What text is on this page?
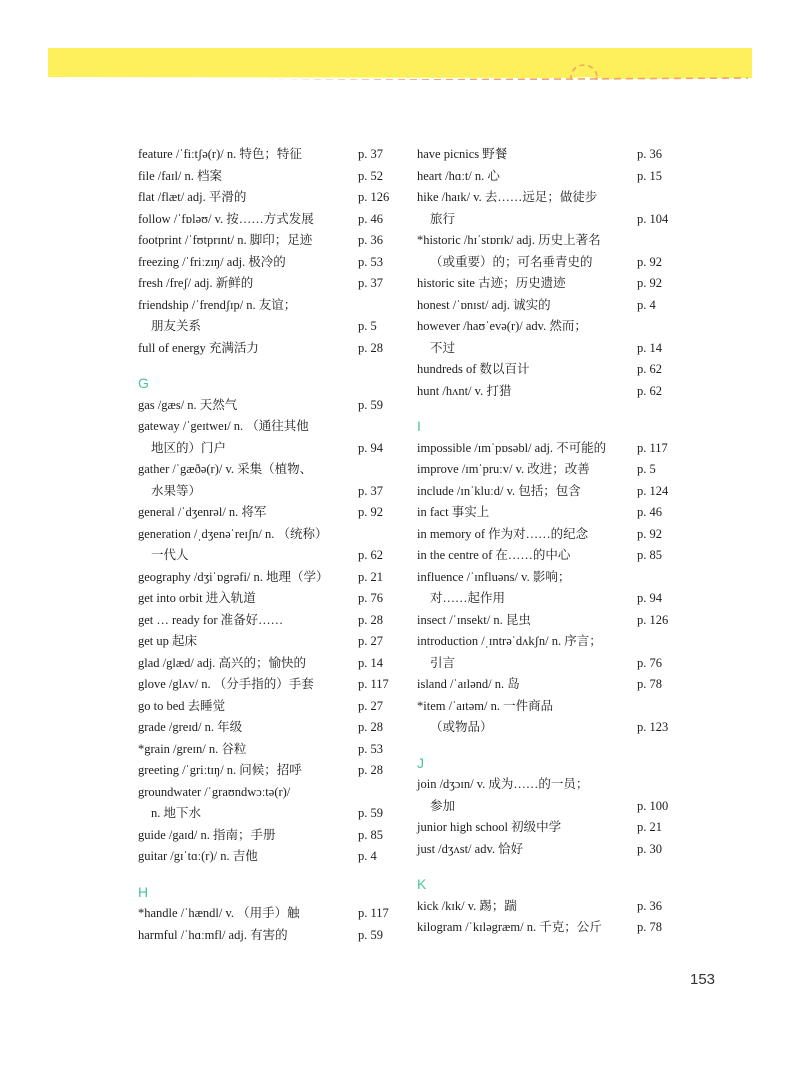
feature /ˈfiːtʃə(r)/ n. 特色；特征	p. 37
file /faɪl/ n. 档案	p. 52
flat /flæt/ adj. 平滑的	p. 126
follow /ˈfɒləʊ/ v. 按……方式发展	p. 46
footprint /ˈfʊtprɪnt/ n. 脚印；足迹	p. 36
freezing /ˈfriːzɪŋ/ adj. 极冷的	p. 53
fresh /freʃ/ adj. 新鲜的	p. 37
friendship /ˈfrendʃɪp/ n. 友谊；
朋友关系	p. 5
full of energy 充满活力	p. 28
G
gas /gæs/ n. 天然气	p. 59
gateway /ˈgeɪtweɪ/ n. （通往其他
地区的）门户	p. 94
gather /ˈgæðə(r)/ v. 采集（植物、
水果等）	p. 37
general /ˈdʒenrəl/ n. 将军	p. 92
generation /ˌdʒenəˈreɪʃn/ n. （统称）
一代人	p. 62
geography /dʒiˈɒgrəfi/ n. 地理（学） p. 21
get into orbit 进入轨道	p. 76
get … ready for 准备好……	p. 28
get up 起床	p. 27
glad /glæd/ adj. 高兴的；愉快的	p. 14
glove /glʌv/ n. （分手指的）手套	p. 117
go to bed 去睡觉	p. 27
grade /greɪd/ n. 年级	p. 28
*grain /greɪn/ n. 谷粒	p. 53
greeting /ˈgriːtɪŋ/ n. 问候；招呼	p. 28
groundwater /ˈgraʊndwɔːtə(r)/
n. 地下水	p. 59
guide /gaɪd/ n. 指南；手册	p. 85
guitar /gɪˈtɑː(r)/ n. 吉他	p. 4
H
*handle /ˈhændl/ v. （用手）触	p. 117
harmful /ˈhɑːmfl/ adj. 有害的	p. 59
have picnics 野餐	p. 36
heart /hɑːt/ n. 心	p. 15
hike /haɪk/ v. 去……远足；做徒步
旅行	p. 104
*historic /hɪˈstɒrɪk/ adj. 历史上著名
（或重要）的；可名垂青史的	p. 92
historic site 古迹；历史遗迹	p. 92
honest /ˈɒnɪst/ adj. 诚实的	p. 4
however /haʊˈevə(r)/ adv. 然而；
不过	p. 14
hundreds of 数以百计	p. 62
hunt /hʌnt/ v. 打猎	p. 62
I
impossible /ɪmˈpɒsəbl/ adj. 不可能的 p. 117
improve /ɪmˈpruːv/ v. 改进；改善	p. 5
include /ɪnˈkluːd/ v. 包括；包含	p. 124
in fact 事实上	p. 46
in memory of 作为对……的纪念	p. 92
in the centre of 在……的中心	p. 85
influence /ˈɪnfluəns/ v. 影响；
对……起作用	p. 94
insect /ˈɪnsekt/ n. 昆虫	p. 126
introduction /ˌɪntrəˈdʌkʃn/ n. 序言；
引言	p. 76
island /ˈaɪlənd/ n. 岛	p. 78
*item /ˈaɪtəm/ n. 一件商品
（或物品）	p. 123
J
join /dʒɔɪn/ v. 成为……的一员；
参加	p. 100
junior high school 初级中学	p. 21
just /dʒʌst/ adv. 恰好	p. 30
K
kick /kɪk/ v. 踢；踹	p. 36
kilogram /ˈkɪləgræm/ n. 千克；公斤	p. 78
153
